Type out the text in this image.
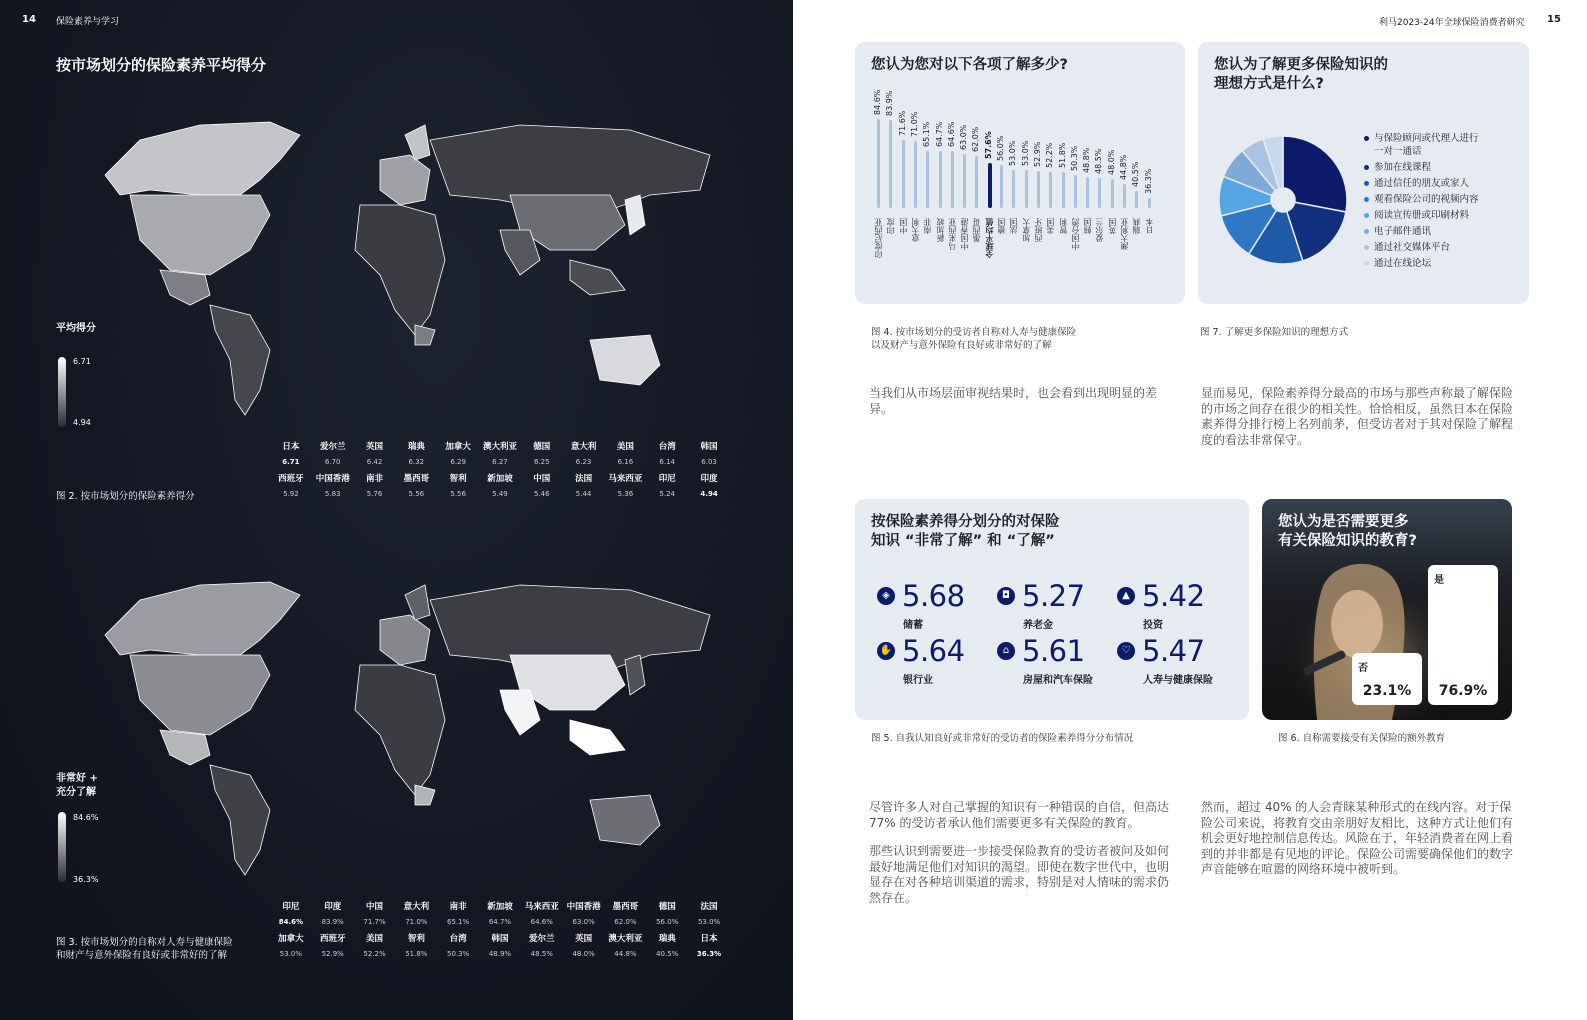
14 保险素养与学习
按市场划分的保险素养平均得分
平均得分
6.71
4.94
日本	爱尔兰	英国	瑞典	加拿大	澳大利亚	德国	意大利	美国	台湾	韩国
6.71	6.70	6.42	6.32	6.29	6.27	6.25	6.23	6.16	6.14	6.03
西班牙	中国香港	南非	墨西哥	智利	新加坡	中国	法国	马来西亚	印尼	印度
5.92	5.83	5.76	5.56	5.56	5.49	5.46	5.44	5.36	5.24	4.94
图 2. 按市场划分的保险素养得分
非常好 +
充分了解
84.6%
36.3%
印尼	印度	中国	意大利	南非	新加坡	马来西亚	中国香港	墨西哥	德国	法国
84.6%	83.9%	71.7%	71.0%	65.1%	64.7%	64.6%	63.0%	62.0%	56.0%	53.0%
加拿大	西班牙	美国	智利	台湾	韩国	爱尔兰	英国	澳大利亚	瑞典	日本
53.0%	52.9%	52.2%	51.8%	50.3%	48.9%	48.5%	48.0%	44.8%	40.5%	36.3%
图 3. 按市场划分的自称对人寿与健康保险
和财产与意外保险有良好或非常好的了解
利马2023-24年全球保险消费者研究 15
您认为您对以下各项了解多少?
84.6%
印度尼西亚
83.9%
印度
71.6%
中国
71.0%
意大利
65.1%
南非
64.7%
新加坡
64.6%
马来西亚
63.0%
中国香港
62.0%
墨西哥
57.6%
全球平均值
56.0%
德国
53.0%
法国
53.0%
加拿大
52.9%
西班牙
52.2%
美国
51.8%
智利
50.3%
中国台湾
48.8%
韩国
48.5%
爱尔兰
48.0%
英国
44.8%
澳大利亚
40.5%
瑞典
36.3%
日本
您认为了解更多保险知识的
理想方式是什么?
与保险顾问或代理人进行
一对一通话
参加在线课程
通过信任的朋友或家人
观看保险公司的视频内容
阅读宣传册或印刷材料
电子邮件通讯
通过社交媒体平台
通过在线论坛
图 4. 按市场划分的受访者自称对人寿与健康保险
以及财产与意外保险有良好或非常好的了解
图 7. 了解更多保险知识的理想方式
当我们从市场层面审视结果时，也会看到出现明显的差异。
显而易见，保险素养得分最高的市场与那些声称最了解保险的市场之间存在很少的相关性。恰恰相反，虽然日本在保险素养得分排行榜上名列前茅，但受访者对于其对保险了解程度的看法非常保守。
按保险素养得分划分的对保险
知识 “非常了解” 和 “了解”
◈ 5.68
储蓄
◘ 5.27
养老金
▲ 5.42
投资
✋ 5.64
银行业
⌂ 5.61
房屋和汽车保险
♡ 5.47
人寿与健康保险
您认为是否需要更多
有关保险知识的教育?
否
23.1%
是
76.9%
图 5. 自我认知良好或非常好的受访者的保险素养得分分布情况	图 6. 自称需要接受有关保险的额外教育

尽管许多人对自己掌握的知识有一种错误的自信，但高达 77% 的受访者承认他们需要更多有关保险的教育。

那些认识到需要进一步接受保险教育的受访者被问及如何最好地满足他们对知识的渴望。即使在数字世代中，也明显存在对各种培训渠道的需求，特别是对人情味的需求仍然存在。

然而，超过 40% 的人会青睐某种形式的在线内容。对于保险公司来说，将教育交由亲朋好友相比，这种方式让他们有机会更好地控制信息传达。风险在于，年轻消费者在网上看到的并非都是有见地的评论。保险公司需要确保他们的数字声音能够在喧嚣的网络环境中被听到。
